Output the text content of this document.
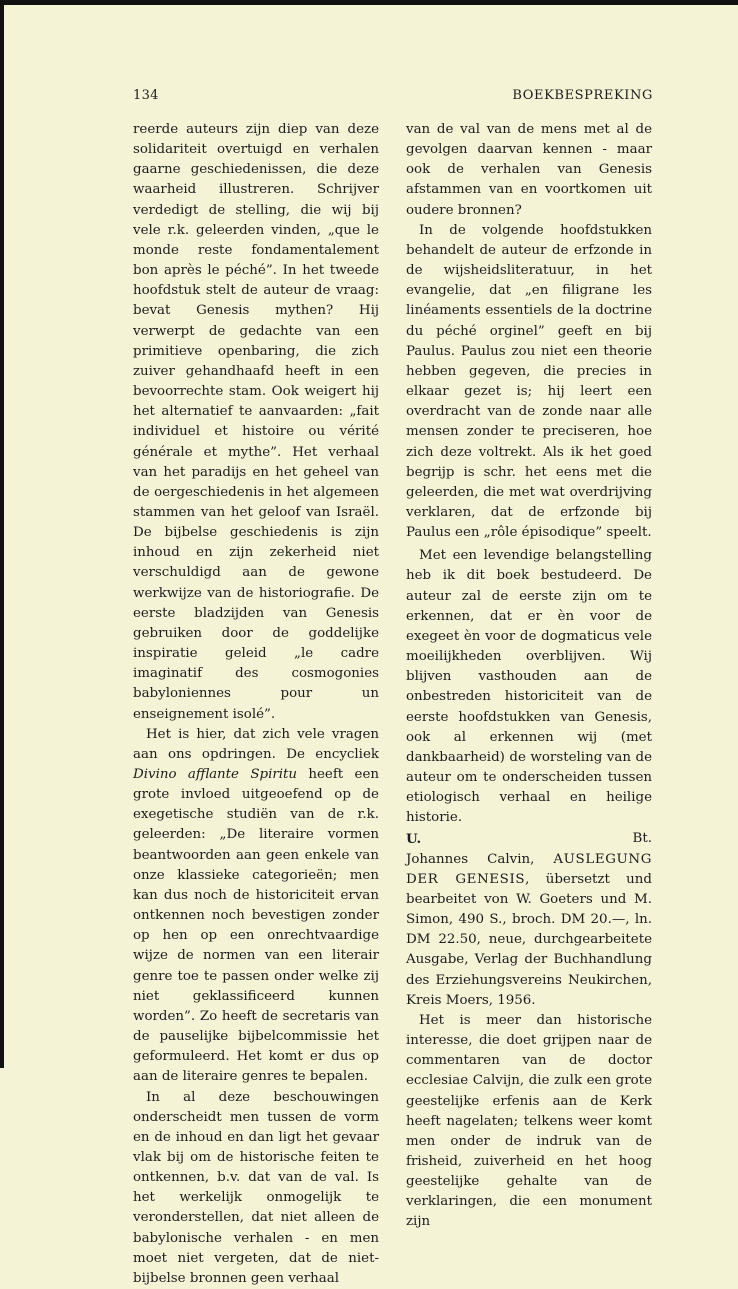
134	BOEKBESPREKING

reerde auteurs zijn diep van deze solidariteit overtuigd en verhalen gaarne geschiedenissen, die deze waarheid illustreren. Schrijver verdedigt de stelling, die wij bij vele r.k. geleerden vinden, „que le monde reste fondamentalement bon après le péché”. In het tweede hoofdstuk stelt de auteur de vraag: bevat Genesis mythen? Hij verwerpt de gedachte van een primitieve openbaring, die zich zuiver gehandhaafd heeft in een bevoorrechte stam. Ook weigert hij het alternatief te aanvaarden: „fait individuel et histoire ou vérité générale et mythe”. Het verhaal van het paradijs en het geheel van de oergeschiedenis in het algemeen stammen van het geloof van Israël. De bijbelse geschiedenis is zijn inhoud en zijn zekerheid niet verschuldigd aan de gewone werkwijze van de historiografie. De eerste bladzijden van Genesis gebruiken door de goddelijke inspiratie geleid „le cadre imaginatif des cosmogonies babyloniennes pour un enseignement isolé”.

Het is hier, dat zich vele vragen aan ons opdringen. De encycliek Divino afflante Spiritu heeft een grote invloed uitgeoefend op de exegetische studiën van de r.k. geleerden: „De literaire vormen beantwoorden aan geen enkele van onze klassieke categorieën; men kan dus noch de historiciteit ervan ontkennen noch bevestigen zonder op hen op een onrechtvaardige wijze de normen van een literair genre toe te passen onder welke zij niet geklassificeerd kunnen worden”. Zo heeft de secretaris van de pauselijke bijbelcommissie het geformuleerd. Het komt er dus op aan de literaire genres te bepalen.

In al deze beschouwingen onderscheidt men tussen de vorm en de inhoud en dan ligt het gevaar vlak bij om de historische feiten te ontkennen, b.v. dat van de val. Is het werkelijk onmogelijk te veronderstellen, dat niet alleen de babylonische verhalen - en men moet niet vergeten, dat de niet-bijbelse bronnen geen verhaal

van de val van de mens met al de gevolgen daarvan kennen - maar ook de verhalen van Genesis afstammen van en voortkomen uit oudere bronnen?

In de volgende hoofdstukken behandelt de auteur de erfzonde in de wijsheidsliteratuur, in het evangelie, dat „en filigrane les linéaments essentiels de la doctrine du péché orginel” geeft en bij Paulus. Paulus zou niet een theorie hebben gegeven, die precies in elkaar gezet is; hij leert een overdracht van de zonde naar alle mensen zonder te preciseren, hoe zich deze voltrekt. Als ik het goed begrijp is schr. het eens met die geleerden, die met wat overdrijving verklaren, dat de erfzonde bij Paulus een „rôle épisodique” speelt.

Met een levendige belangstelling heb ik dit boek bestudeerd. De auteur zal de eerste zijn om te erkennen, dat er èn voor de exegeet èn voor de dogmaticus vele moeilijkheden overblijven. Wij blijven vasthouden aan de onbestreden historiciteit van de eerste hoofdstukken van Genesis, ook al erkennen wij (met dankbaarheid) de worsteling van de auteur om te onderscheiden tussen etiologisch verhaal en heilige historie.

U.	Bt.

Johannes Calvin, AUSLEGUNG DER GENESIS, übersetzt und bearbeitet von W. Goeters und M. Simon, 490 S., broch. DM 20.—, ln. DM 22.50, neue, durchgearbeitete Ausgabe, Verlag der Buchhandlung des Erziehungsvereins Neukirchen, Kreis Moers, 1956.

Het is meer dan historische interesse, die doet grijpen naar de commentaren van de doctor ecclesiae Calvijn, die zulk een grote geestelijke erfenis aan de Kerk heeft nagelaten; telkens weer komt men onder de indruk van de frisheid, zuiverheid en het hoog geestelijke gehalte van de verklaringen, die een monument zijn
